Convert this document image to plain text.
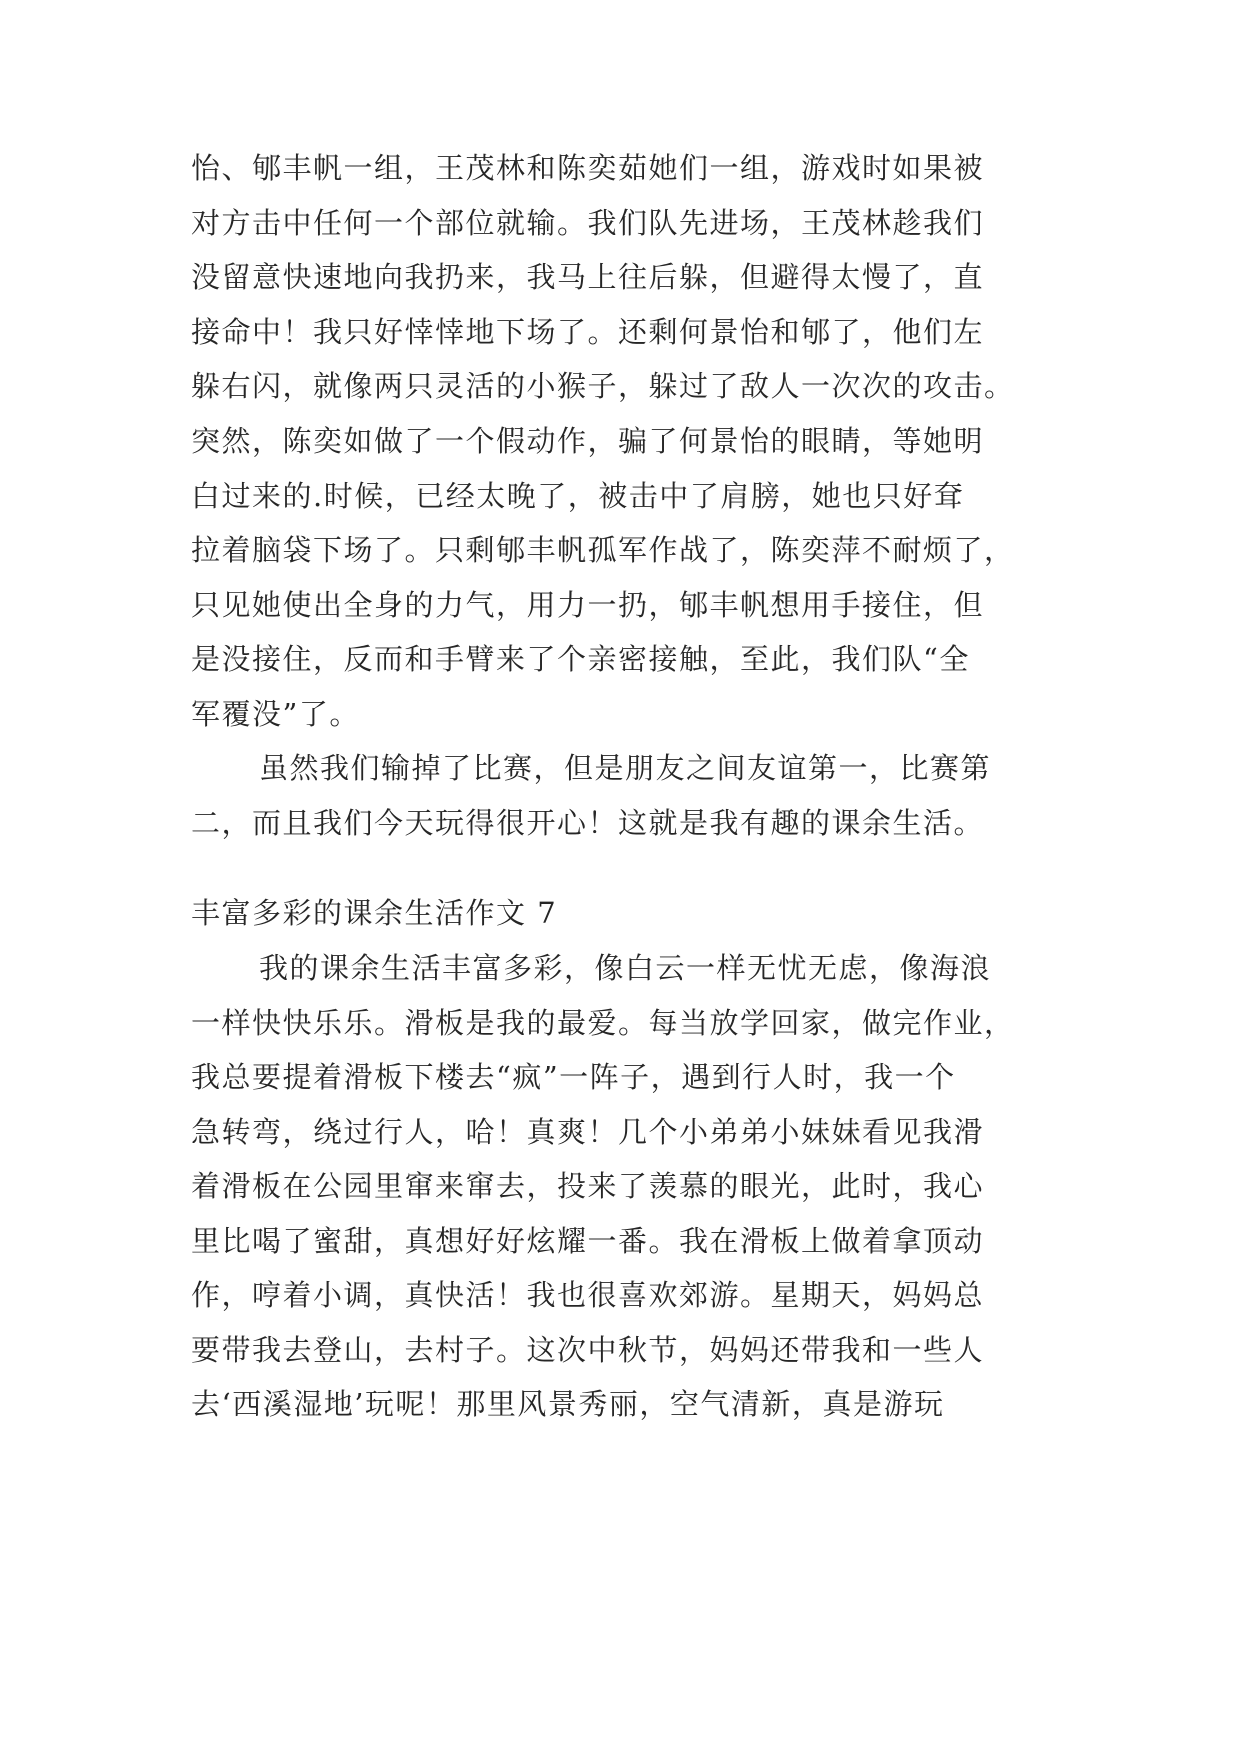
怡、郇丰帆一组，王茂林和陈奕茹她们一组，游戏时如果被
对方击中任何一个部位就输。我们队先进场，王茂林趁我们
没留意快速地向我扔来，我马上往后躲，但避得太慢了，直
接命中！我只好悻悻地下场了。还剩何景怡和郇了，他们左
躲右闪，就像两只灵活的小猴子，躲过了敌人一次次的攻击。
突然，陈奕如做了一个假动作，骗了何景怡的眼睛，等她明
白过来的.时候，已经太晚了，被击中了肩膀，她也只好耷
拉着脑袋下场了。只剩郇丰帆孤军作战了，陈奕萍不耐烦了，
只见她使出全身的力气，用力一扔，郇丰帆想用手接住，但
是没接住，反而和手臂来了个亲密接触，至此，我们队“全
军覆没”了。
虽然我们输掉了比赛，但是朋友之间友谊第一，比赛第
二，而且我们今天玩得很开心！这就是我有趣的课余生活。
丰富多彩的课余生活作文 7
我的课余生活丰富多彩，像白云一样无忧无虑，像海浪
一样快快乐乐。滑板是我的最爱。每当放学回家，做完作业，
我总要提着滑板下楼去“疯”一阵子，遇到行人时，我一个
急转弯，绕过行人，哈！真爽！几个小弟弟小妹妹看见我滑
着滑板在公园里窜来窜去，投来了羡慕的眼光，此时，我心
里比喝了蜜甜，真想好好炫耀一番。我在滑板上做着拿顶动
作，哼着小调，真快活！我也很喜欢郊游。星期天，妈妈总
要带我去登山，去村子。这次中秋节，妈妈还带我和一些人
去‘西溪湿地’玩呢！那里风景秀丽，空气清新，真是游玩
